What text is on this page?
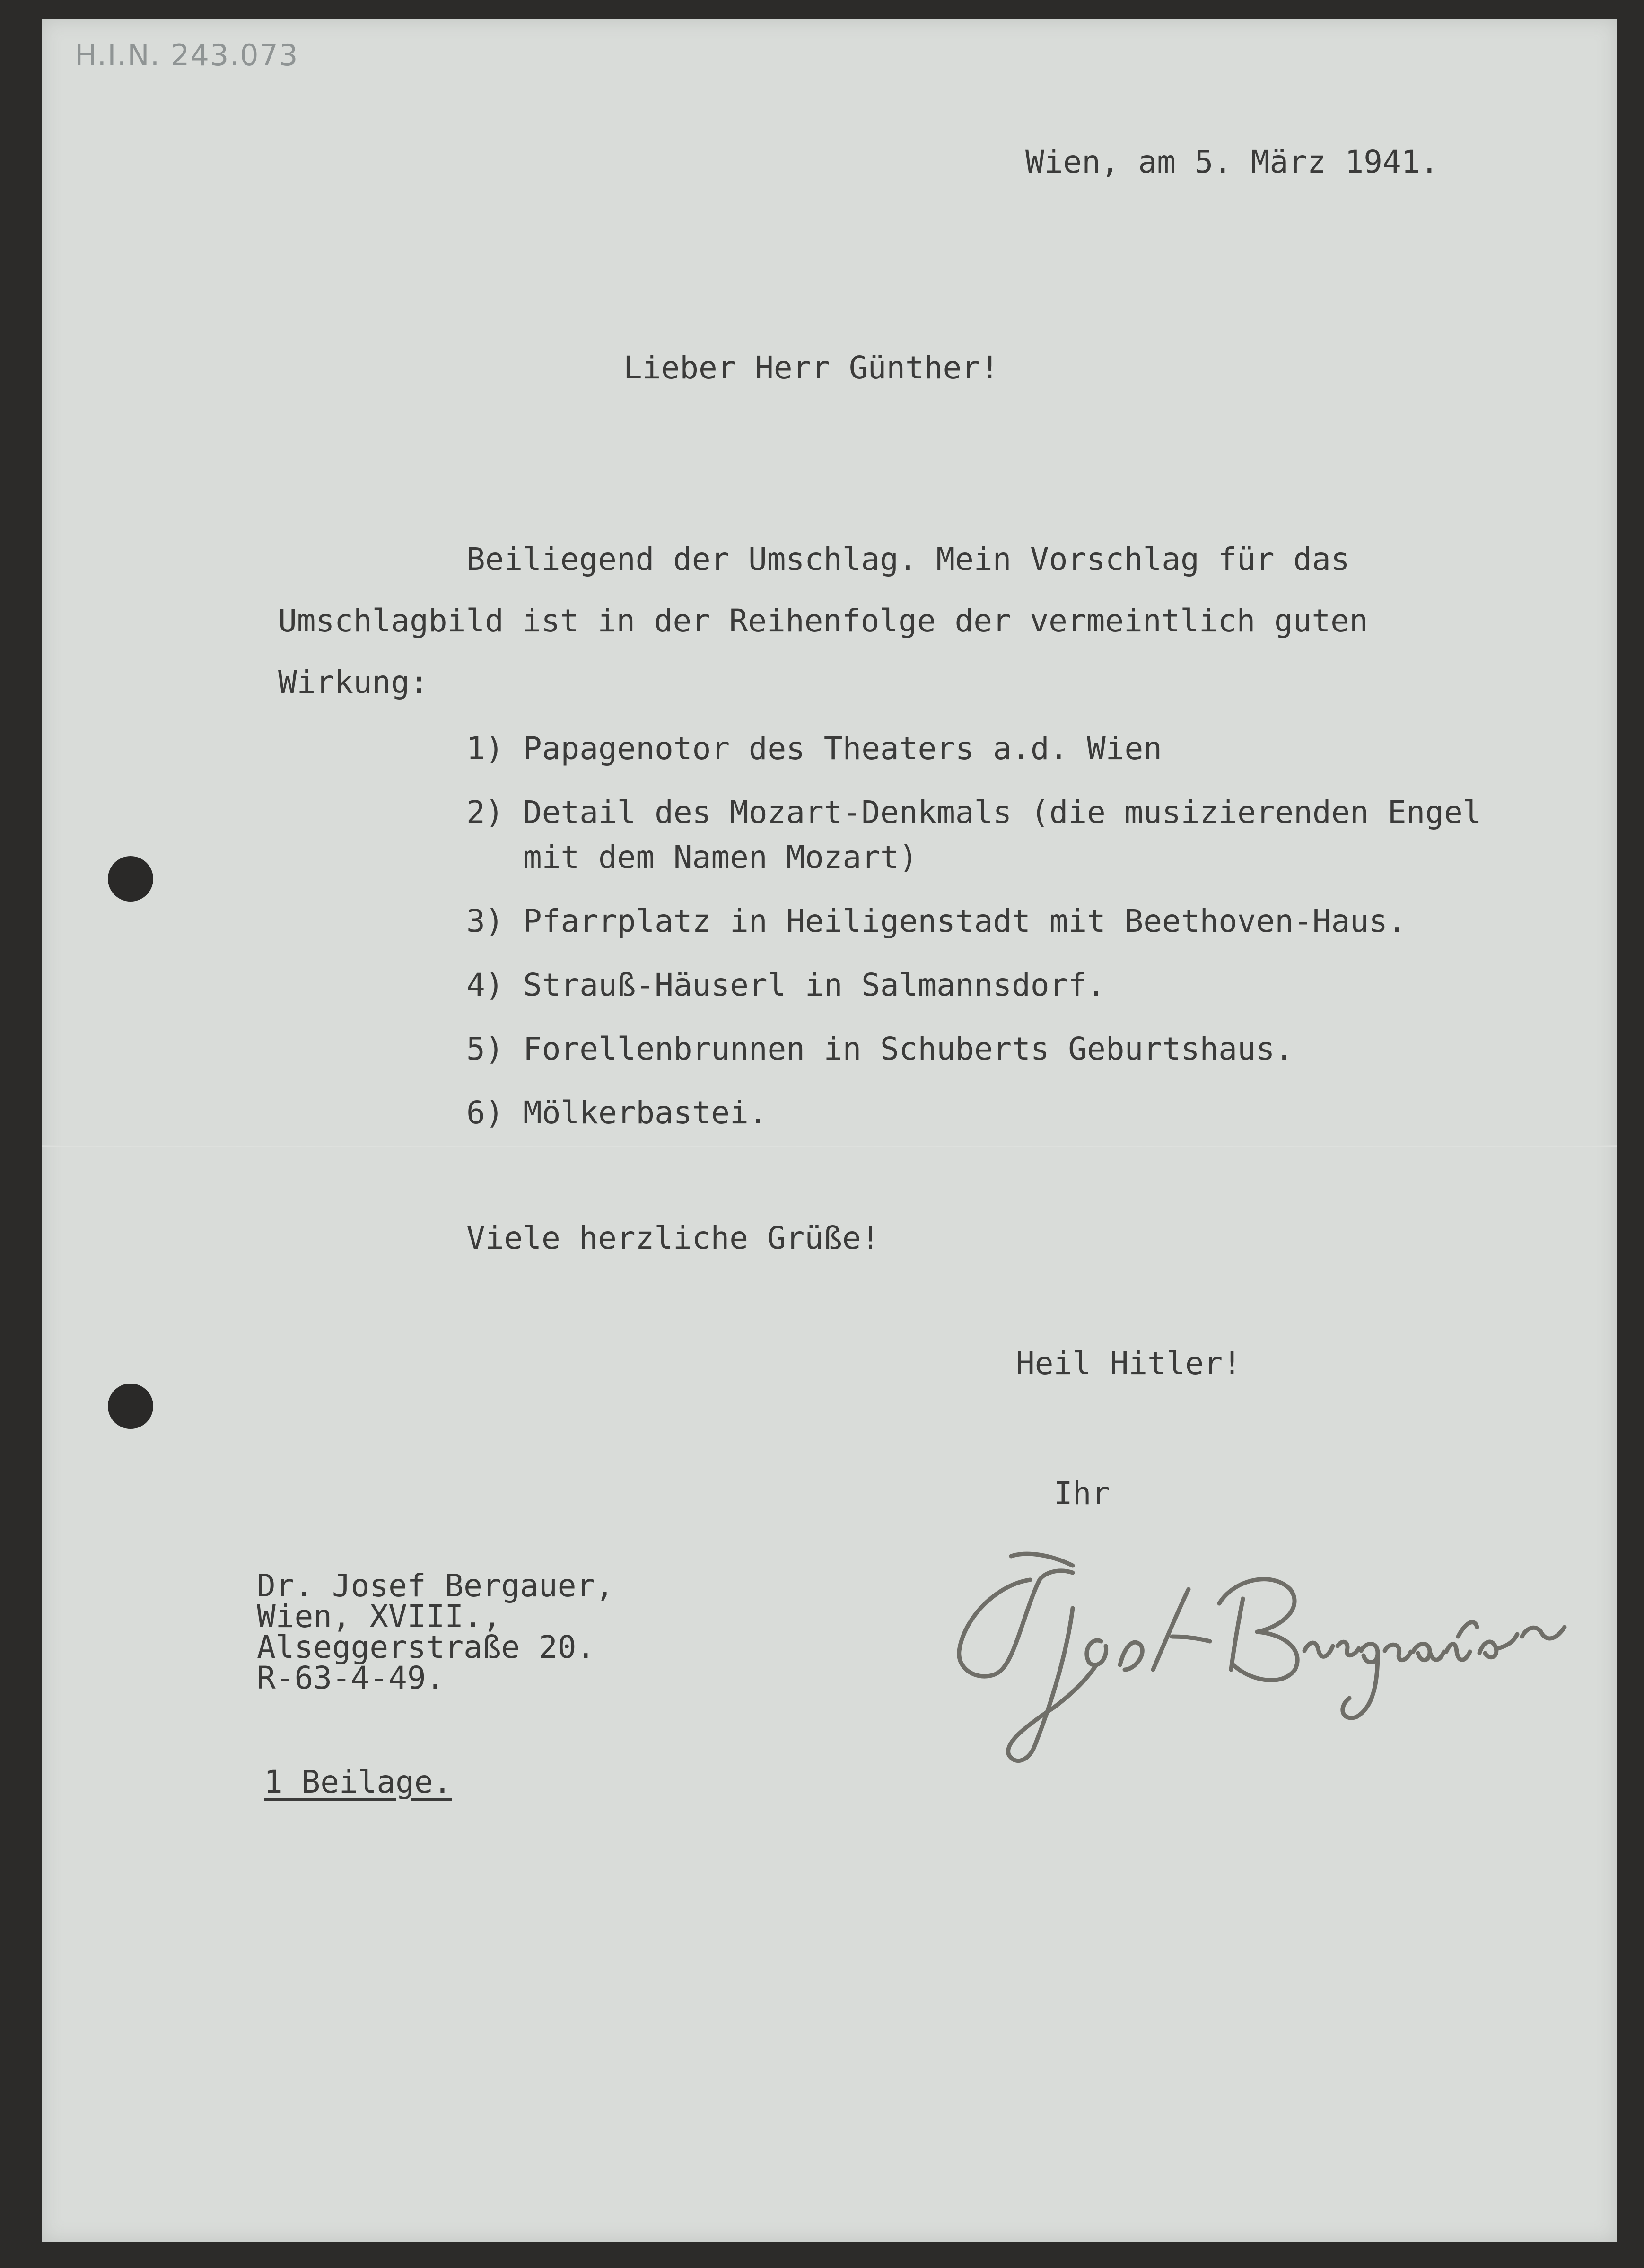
H.I.N. 243.073

Wien, am 5. März 1941.

Lieber Herr Günther!

Beiliegend der Umschlag. Mein Vorschlag für das

Umschlagbild ist in der Reihenfolge der vermeintlich guten

Wirkung:

1) Papagenotor des Theaters a.d. Wien

2) Detail des Mozart-Denkmals (die musizierenden Engel

mit dem Namen Mozart)

3) Pfarrplatz in Heiligenstadt mit Beethoven-Haus.

4) Strauß-Häuserl in Salmannsdorf.

5) Forellenbrunnen in Schuberts Geburtshaus.

6) Mölkerbastei.

Viele herzliche Grüße!

Heil Hitler!

Ihr

Dr. Josef Bergauer,

Wien, XVIII.,

Alseggerstraße 20.

R-63-4-49.

1 Beilage.
